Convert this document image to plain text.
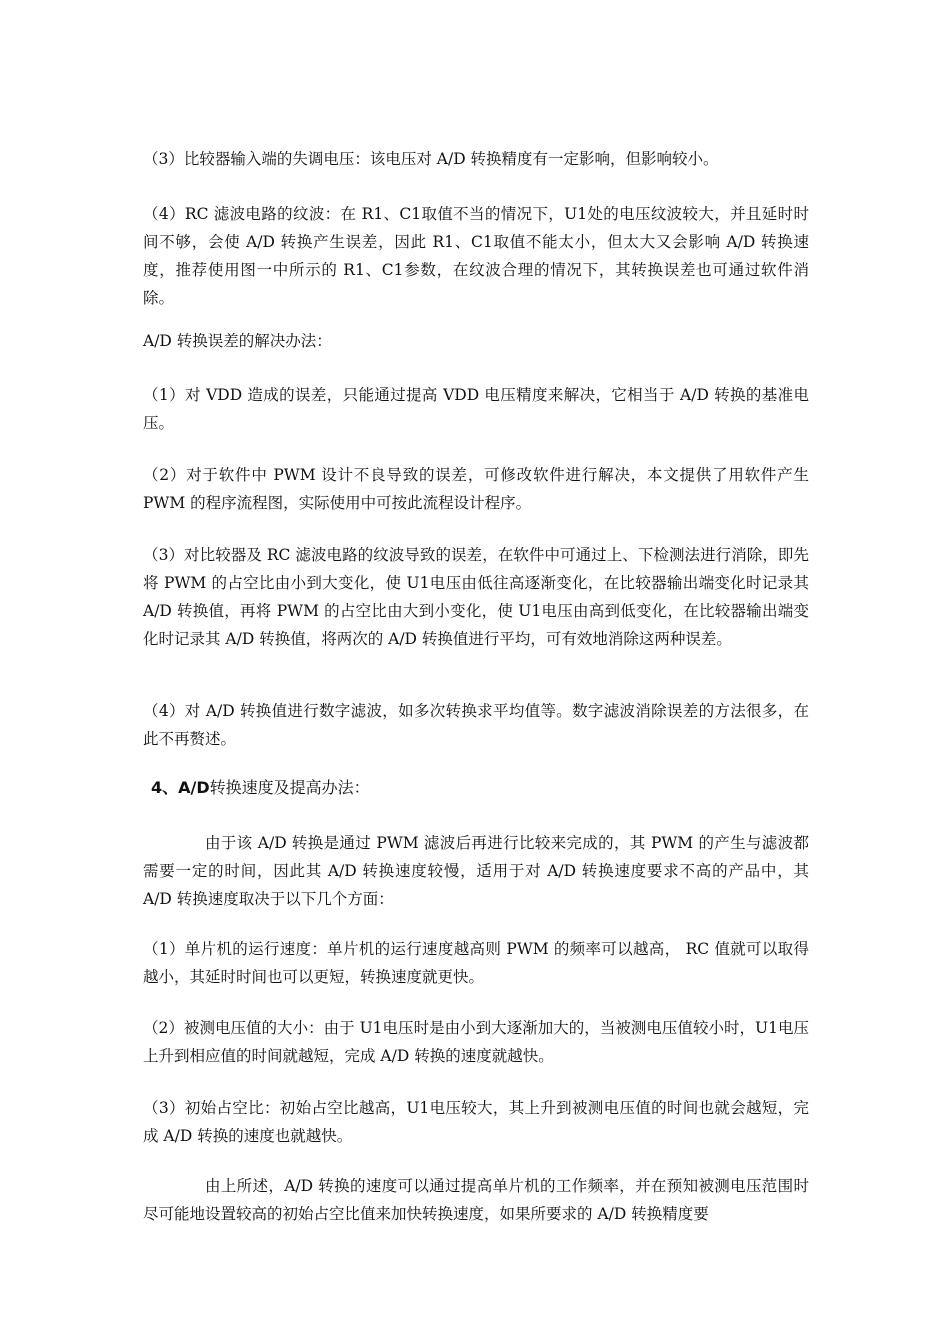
（3）比较器输入端的失调电压：该电压对 A/D 转换精度有一定影响，但影响较小。

（4）RC 滤波电路的纹波：在 R1、C1取值不当的情况下，U1处的电压纹波较大，并且延时时间不够，会使 A/D 转换产生误差，因此 R1、C1取值不能太小，但太大又会影响 A/D 转换速度，推荐使用图一中所示的 R1、C1参数，在纹波合理的情况下，其转换误差也可通过软件消除。

A/D 转换误差的解决办法：

（1）对 VDD 造成的误差，只能通过提高 VDD 电压精度来解决，它相当于 A/D 转换的基准电压。

（2）对于软件中 PWM 设计不良导致的误差，可修改软件进行解决，本文提供了用软件产生 PWM 的程序流程图，实际使用中可按此流程设计程序。

（3）对比较器及 RC 滤波电路的纹波导致的误差，在软件中可通过上、下检测法进行消除，即先将 PWM 的占空比由小到大变化，使 U1电压由低往高逐渐变化，在比较器输出端变化时记录其 A/D 转换值，再将 PWM 的占空比由大到小变化，使 U1电压由高到低变化，在比较器输出端变化时记录其 A/D 转换值，将两次的 A/D 转换值进行平均，可有效地消除这两种误差。

（4）对 A/D 转换值进行数字滤波，如多次转换求平均值等。数字滤波消除误差的方法很多，在此不再赘述。

4、A/D转换速度及提高办法：

由于该 A/D 转换是通过 PWM 滤波后再进行比较来完成的，其 PWM 的产生与滤波都需要一定的时间，因此其 A/D 转换速度较慢，适用于对 A/D 转换速度要求不高的产品中，其 A/D 转换速度取决于以下几个方面：

（1）单片机的运行速度：单片机的运行速度越高则 PWM 的频率可以越高， RC 值就可以取得越小，其延时时间也可以更短，转换速度就更快。

（2）被测电压值的大小：由于 U1电压时是由小到大逐渐加大的，当被测电压值较小时，U1电压上升到相应值的时间就越短，完成 A/D 转换的速度就越快。

（3）初始占空比：初始占空比越高，U1电压较大，其上升到被测电压值的时间也就会越短，完成 A/D 转换的速度也就越快。

由上所述，A/D 转换的速度可以通过提高单片机的工作频率，并在预知被测电压范围时尽可能地设置较高的初始占空比值来加快转换速度，如果所要求的 A/D 转换精度要
